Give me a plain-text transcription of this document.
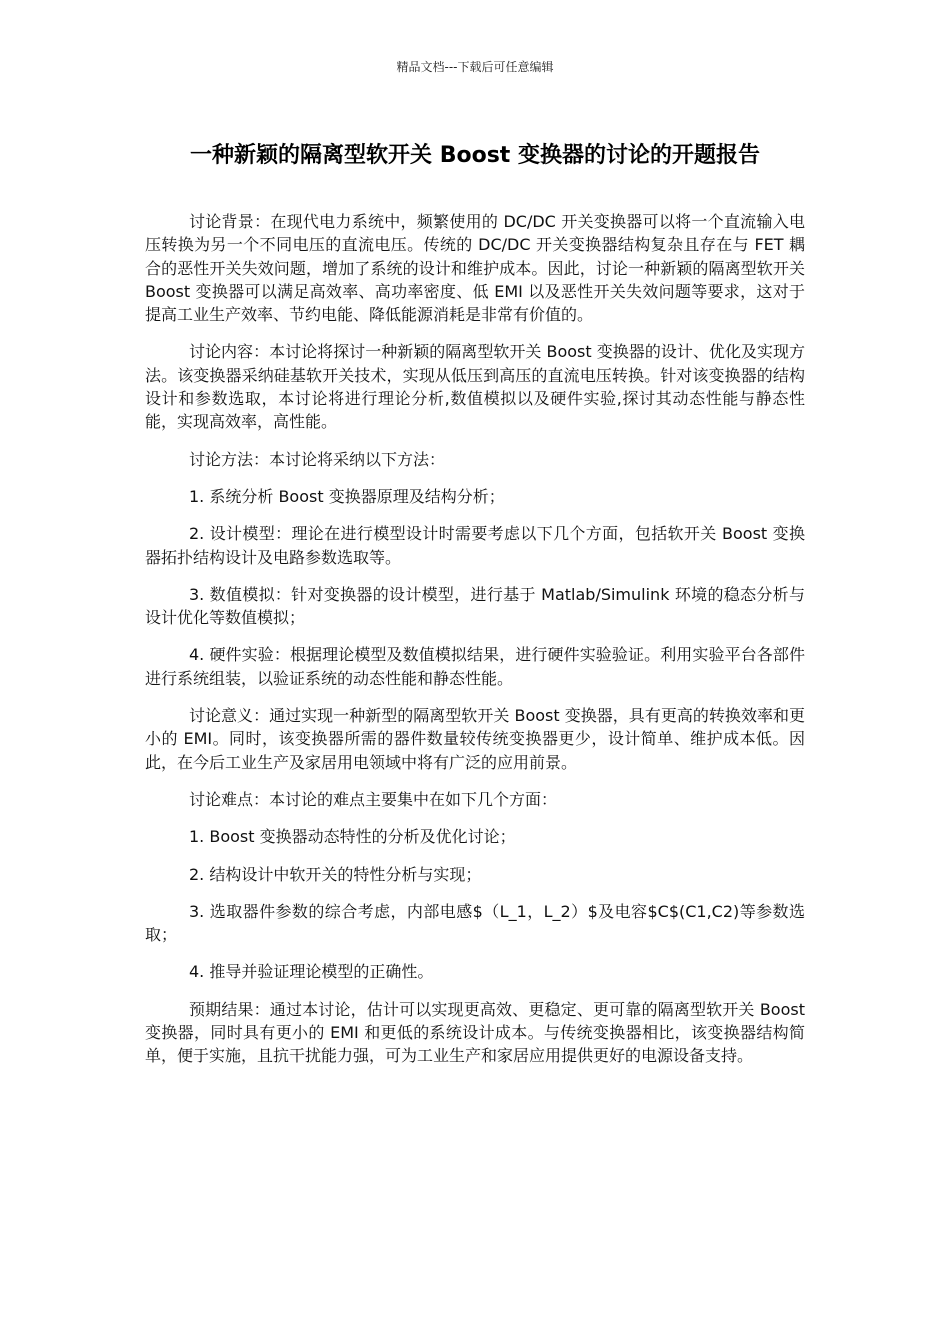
精品文档---下载后可任意编辑
一种新颖的隔离型软开关 Boost 变换器的讨论的开题报告

讨论背景：在现代电力系统中，频繁使用的 DC/DC 开关变换器可以将一个直流输入电压转换为另一个不同电压的直流电压。传统的 DC/DC 开关变换器结构复杂且存在与 FET 耦合的恶性开关失效问题，增加了系统的设计和维护成本。因此，讨论一种新颖的隔离型软开关 Boost 变换器可以满足高效率、高功率密度、低 EMI 以及恶性开关失效问题等要求，这对于提高工业生产效率、节约电能、降低能源消耗是非常有价值的。

讨论内容：本讨论将探讨一种新颖的隔离型软开关 Boost 变换器的设计、优化及实现方法。该变换器采纳硅基软开关技术，实现从低压到高压的直流电压转换。针对该变换器的结构设计和参数选取，本讨论将进行理论分析,数值模拟以及硬件实验,探讨其动态性能与静态性能，实现高效率，高性能。

讨论方法：本讨论将采纳以下方法：

1. 系统分析 Boost 变换器原理及结构分析；

2. 设计模型：理论在进行模型设计时需要考虑以下几个方面，包括软开关 Boost 变换器拓扑结构设计及电路参数选取等。

3. 数值模拟：针对变换器的设计模型，进行基于 Matlab/Simulink 环境的稳态分析与设计优化等数值模拟；

4. 硬件实验：根据理论模型及数值模拟结果，进行硬件实验验证。利用实验平台各部件进行系统组装，以验证系统的动态性能和静态性能。

讨论意义：通过实现一种新型的隔离型软开关 Boost 变换器，具有更高的转换效率和更小的 EMI。同时，该变换器所需的器件数量较传统变换器更少，设计简单、维护成本低。因此，在今后工业生产及家居用电领域中将有广泛的应用前景。

讨论难点：本讨论的难点主要集中在如下几个方面：

1. Boost 变换器动态特性的分析及优化讨论；

2. 结构设计中软开关的特性分析与实现；

3. 选取器件参数的综合考虑，内部电感$（L_1，L_2）$及电容$C$(C1,C2)等参数选取；

4. 推导并验证理论模型的正确性。

预期结果：通过本讨论，估计可以实现更高效、更稳定、更可靠的隔离型软开关 Boost 变换器，同时具有更小的 EMI 和更低的系统设计成本。与传统变换器相比，该变换器结构简单，便于实施，且抗干扰能力强，可为工业生产和家居应用提供更好的电源设备支持。
